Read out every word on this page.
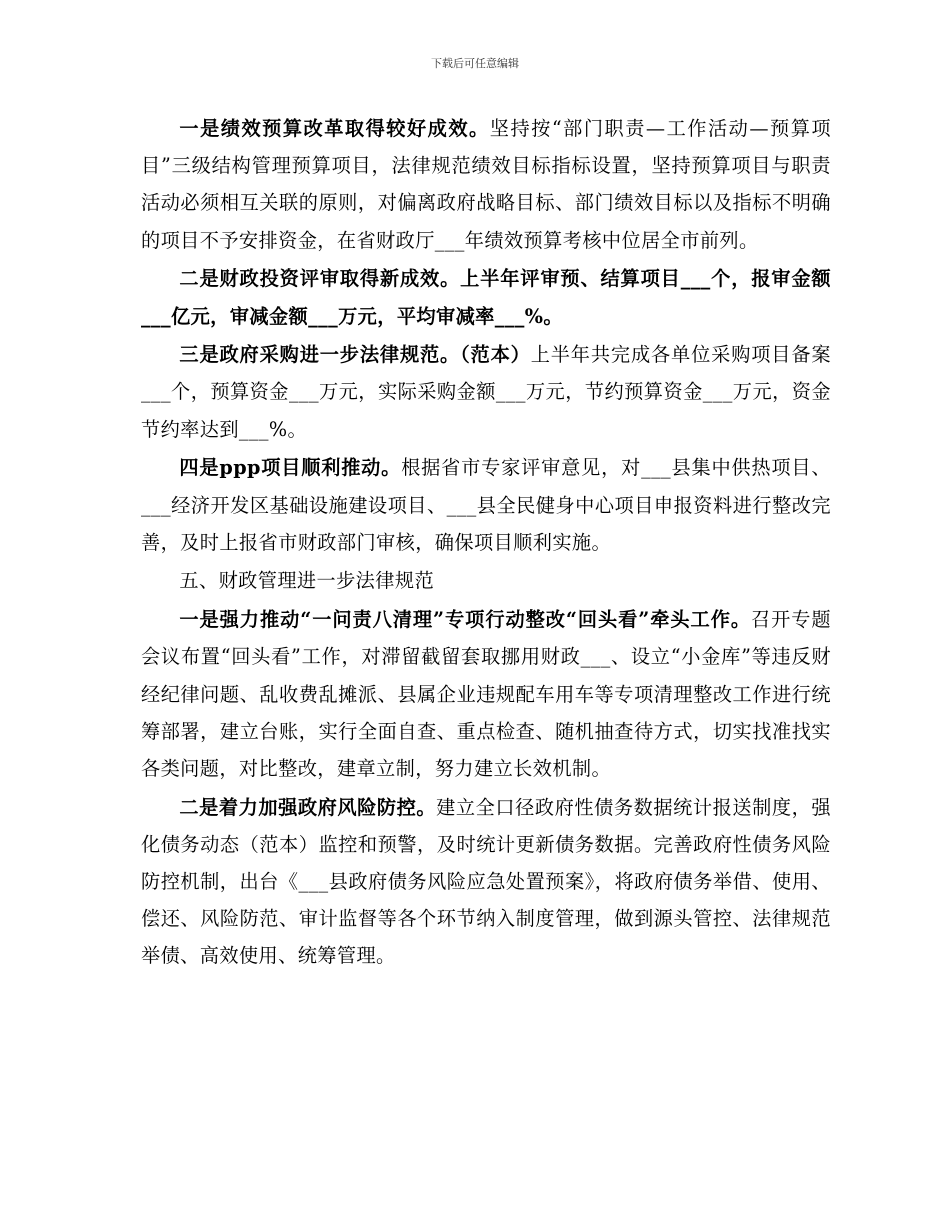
下载后可任意编辑

一是绩效预算改革取得较好成效。坚持按“部门职责—工作活动—预算项目”三级结构管理预算项目，法律规范绩效目标指标设置，坚持预算项目与职责活动必须相互关联的原则，对偏离政府战略目标、部门绩效目标以及指标不明确的项目不予安排资金，在省财政厅___年绩效预算考核中位居全市前列。

二是财政投资评审取得新成效。上半年评审预、结算项目___个，报审金额___亿元，审减金额___万元，平均审减率___%。

三是政府采购进一步法律规范。（范本）上半年共完成各单位采购项目备案___个，预算资金___万元，实际采购金额___万元，节约预算资金___万元，资金节约率达到___%。

四是ppp项目顺利推动。根据省市专家评审意见，对___县集中供热项目、___经济开发区基础设施建设项目、___县全民健身中心项目申报资料进行整改完善，及时上报省市财政部门审核，确保项目顺利实施。

五、财政管理进一步法律规范

一是强力推动“一问责八清理”专项行动整改“回头看”牵头工作。召开专题会议布置“回头看”工作，对滞留截留套取挪用财政___、设立“小金库”等违反财经纪律问题、乱收费乱摊派、县属企业违规配车用车等专项清理整改工作进行统筹部署，建立台账，实行全面自查、重点检查、随机抽查待方式，切实找准找实各类问题，对比整改，建章立制，努力建立长效机制。

二是着力加强政府风险防控。建立全口径政府性债务数据统计报送制度，强化债务动态（范本）监控和预警，及时统计更新债务数据。完善政府性债务风险防控机制，出台《___县政府债务风险应急处置预案》，将政府债务举借、使用、偿还、风险防范、审计监督等各个环节纳入制度管理，做到源头管控、法律规范举债、高效使用、统筹管理。
